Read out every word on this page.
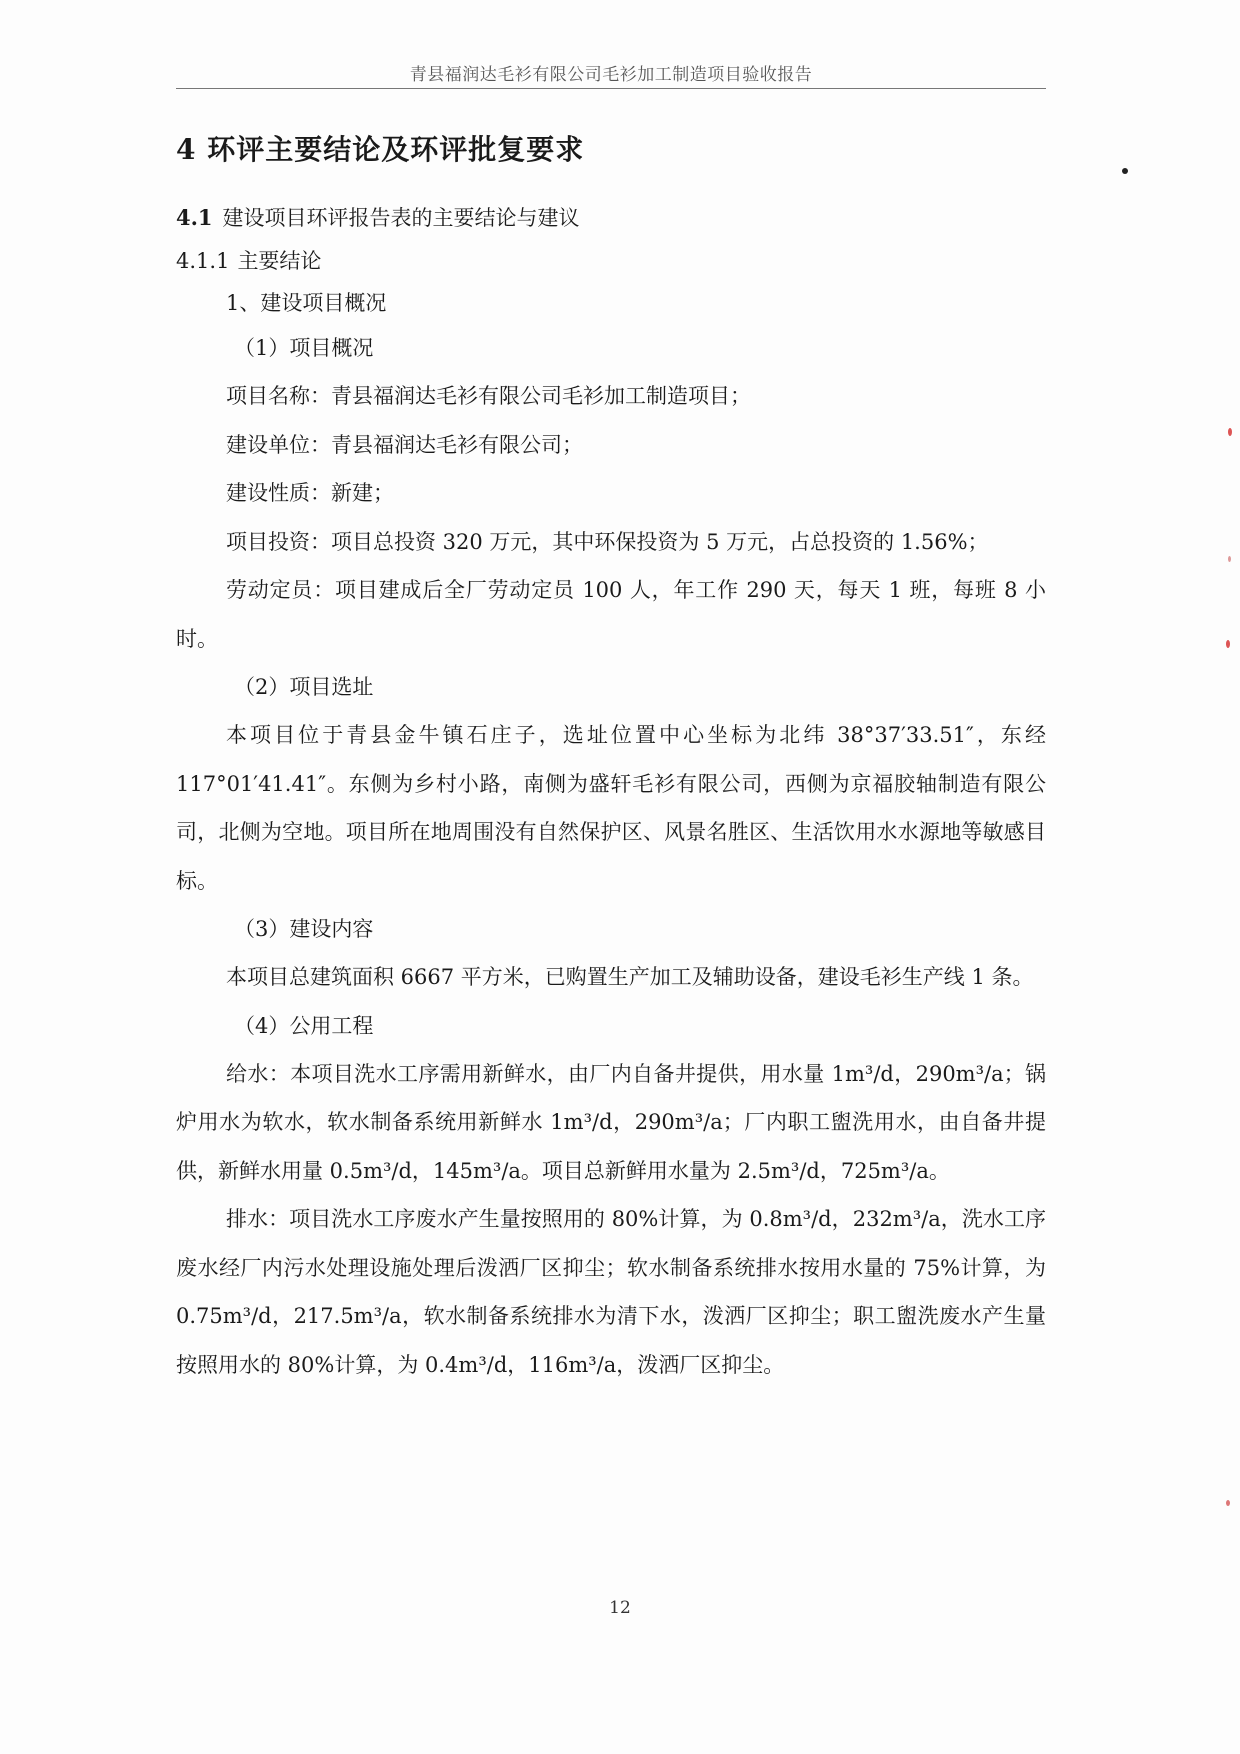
青县福润达毛衫有限公司毛衫加工制造项目验收报告
4 环评主要结论及环评批复要求
4.1 建设项目环评报告表的主要结论与建议
4.1.1 主要结论
1、建设项目概况
（1）项目概况

项目名称：青县福润达毛衫有限公司毛衫加工制造项目；

建设单位：青县福润达毛衫有限公司；

建设性质：新建；

项目投资：项目总投资 320 万元，其中环保投资为 5 万元，占总投资的 1.56%；

劳动定员：项目建成后全厂劳动定员 100 人，年工作 290 天，每天 1 班，每班 8 小时。

（2）项目选址

本项目位于青县金牛镇石庄子，选址位置中心坐标为北纬 38°37′33.51″，东经 117°01′41.41″。东侧为乡村小路，南侧为盛轩毛衫有限公司，西侧为京福胶轴制造有限公司，北侧为空地。项目所在地周围没有自然保护区、风景名胜区、生活饮用水水源地等敏感目标。

（3）建设内容

本项目总建筑面积 6667 平方米，已购置生产加工及辅助设备，建设毛衫生产线 1 条。

（4）公用工程

给水：本项目洗水工序需用新鲜水，由厂内自备井提供，用水量 1m³/d，290m³/a；锅炉用水为软水，软水制备系统用新鲜水 1m³/d，290m³/a；厂内职工盥洗用水，由自备井提供，新鲜水用量 0.5m³/d，145m³/a。项目总新鲜用水量为 2.5m³/d，725m³/a。

排水：项目洗水工序废水产生量按照用的 80%计算，为 0.8m³/d，232m³/a，洗水工序废水经厂内污水处理设施处理后泼洒厂区抑尘；软水制备系统排水按用水量的 75%计算，为 0.75m³/d，217.5m³/a，软水制备系统排水为清下水，泼洒厂区抑尘；职工盥洗废水产生量按照用水的 80%计算，为 0.4m³/d，116m³/a，泼洒厂区抑尘。

12
